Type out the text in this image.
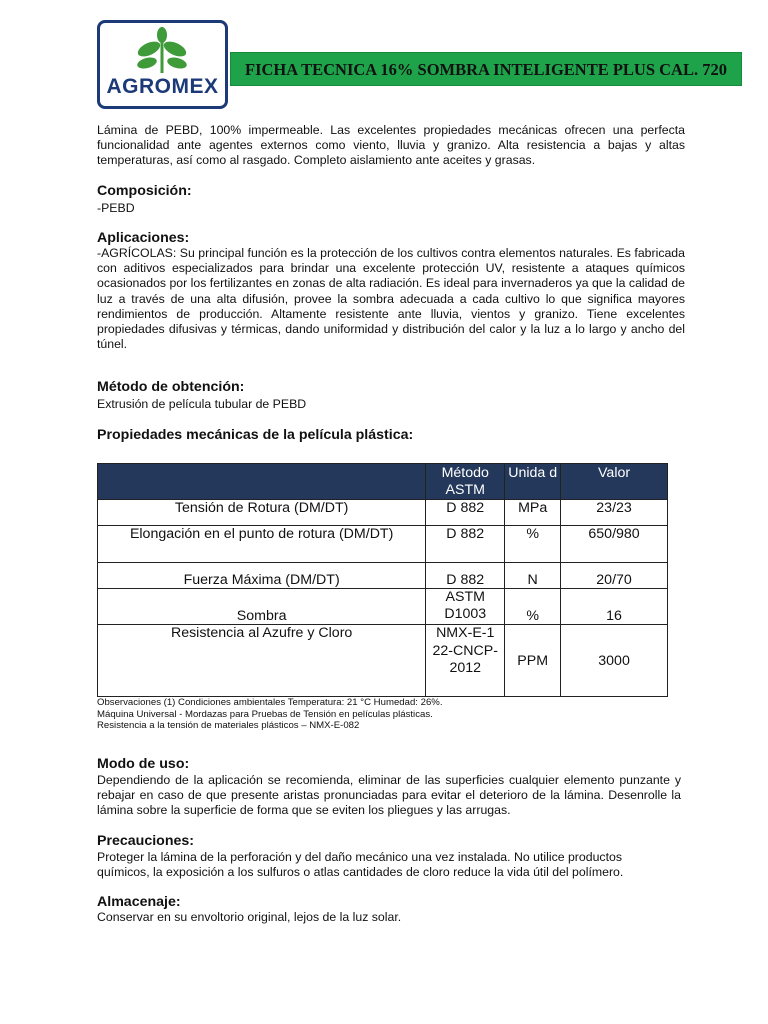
AGROMEX
FICHA TECNICA 16% SOMBRA INTELIGENTE PLUS CAL. 720

Lámina de PEBD, 100% impermeable. Las excelentes propiedades mecánicas ofrecen una perfecta funcionalidad ante agentes externos como viento, lluvia y granizo. Alta resistencia a bajas y altas temperaturas, así como al rasgado. Completo aislamiento ante aceites y grasas.

Composición:

-PEBD

Aplicaciones:

-AGRÍCOLAS: Su principal función es la protección de los cultivos contra elementos naturales. Es fabricada con aditivos especializados para brindar una excelente protección UV, resistente a ataques químicos ocasionados por los fertilizantes en zonas de alta radiación. Es ideal para invernaderos ya que la calidad de luz a través de una alta difusión, provee la sombra adecuada a cada cultivo lo que significa mayores rendimientos de producción. Altamente resistente ante lluvia, vientos y granizo. Tiene excelentes propiedades difusivas y térmicas, dando uniformidad y distribución del calor y la luz a lo largo y ancho del túnel.

Método de obtención:

Extrusión de película tubular de PEBD

Propiedades mecánicas de la película plástica:

	Método ASTM	Unida d	Valor
Tensión de Rotura (DM/DT)	D 882	MPa	23/23
Elongación en el punto de rotura (DM/DT)	D 882	%	650/980
Fuerza Máxima (DM/DT)	D 882	N	20/70
Sombra	ASTM D1003	%	16
Resistencia al Azufre y Cloro	NMX-E-122-CNCP-2012	PPM	3000
Observaciones (1) Condiciones ambientales Temperatura: 21 °C Humedad: 26%.
Máquina Universal - Mordazas para Pruebas de Tensión en películas plásticas.
Resistencia a la tensión de materiales plásticos – NMX-E-082

Modo de uso:

Dependiendo de la aplicación se recomienda, eliminar de las superficies cualquier elemento punzante y rebajar en caso de que presente aristas pronunciadas para evitar el deterioro de la lámina. Desenrolle la lámina sobre la superficie de forma que se eviten los pliegues y las arrugas.

Precauciones:

Proteger la lámina de la perforación y del daño mecánico una vez instalada. No utilice productos químicos, la exposición a los sulfuros o atlas cantidades de cloro reduce la vida útil del polímero.

Almacenaje:

Conservar en su envoltorio original, lejos de la luz solar.
